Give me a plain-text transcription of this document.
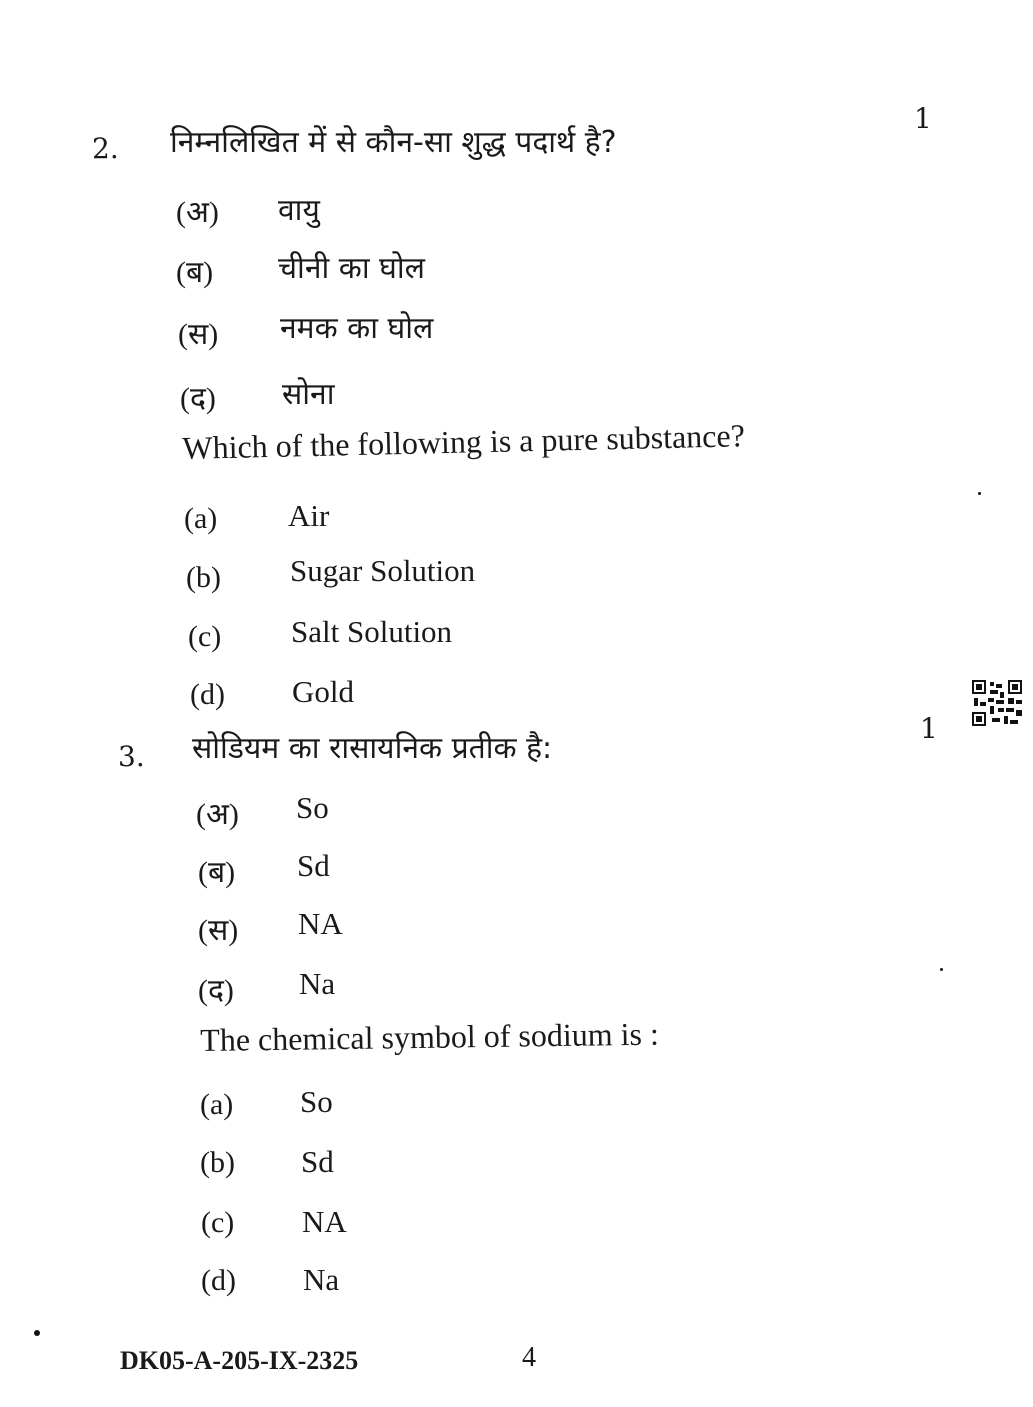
2.
1
निम्नलिखित में से कौन-सा शुद्ध पदार्थ है?
(अ) वायु
(ब) चीनी का घोल
(स) नमक का घोल
(द) सोना
Which of the following is a pure substance?
(a) Air
(b) Sugar Solution
(c) Salt Solution
(d) Gold
3.
1
सोडियम का रासायनिक प्रतीक है:
(अ) So
(ब) Sd
(स) NA
(द) Na
The chemical symbol of sodium is :
(a) So
(b) Sd
(c) NA
(d) Na
DK05-A-205-IX-2325	4
